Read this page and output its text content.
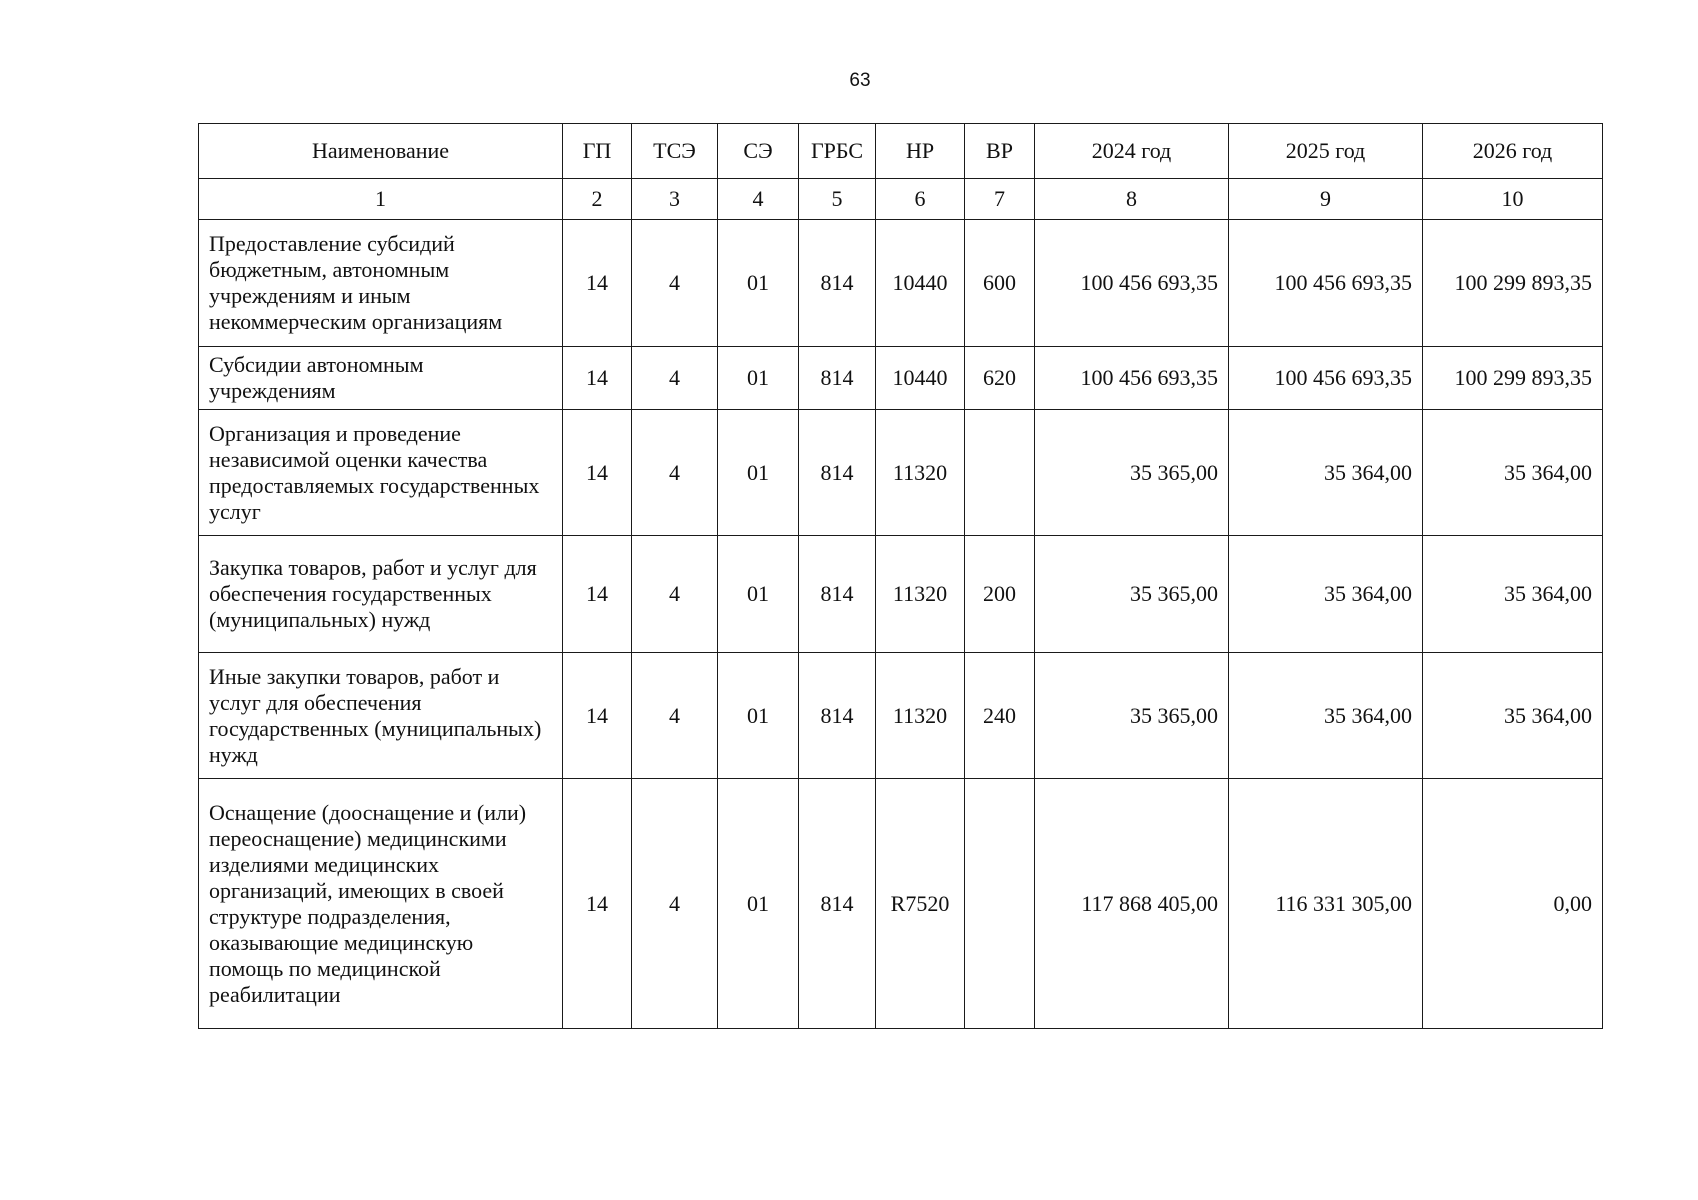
63
Наименование	ГП	ТСЭ	СЭ	ГРБС	НР	ВР	2024 год	2025 год	2026 год
1	2	3	4	5	6	7	8	9	10
Предоставление субсидий бюджетным, автономным учреждениям и иным некоммерческим организациям	14	4	01	814	10440	600	100 456 693,35	100 456 693,35	100 299 893,35
Субсидии автономным учреждениям	14	4	01	814	10440	620	100 456 693,35	100 456 693,35	100 299 893,35
Организация и проведение независимой оценки качества предоставляемых государственных услуг	14	4	01	814	11320		35 365,00	35 364,00	35 364,00
Закупка товаров, работ и услуг для обеспечения государственных (муниципальных) нужд	14	4	01	814	11320	200	35 365,00	35 364,00	35 364,00
Иные закупки товаров, работ и услуг для обеспечения государственных (муниципальных) нужд	14	4	01	814	11320	240	35 365,00	35 364,00	35 364,00
Оснащение (дооснащение и (или) переоснащение) медицинскими изделиями медицинских организаций, имеющих в своей структуре подразделения, оказывающие медицинскую помощь по медицинской реабилитации	14	4	01	814	R7520		117 868 405,00	116 331 305,00	0,00
